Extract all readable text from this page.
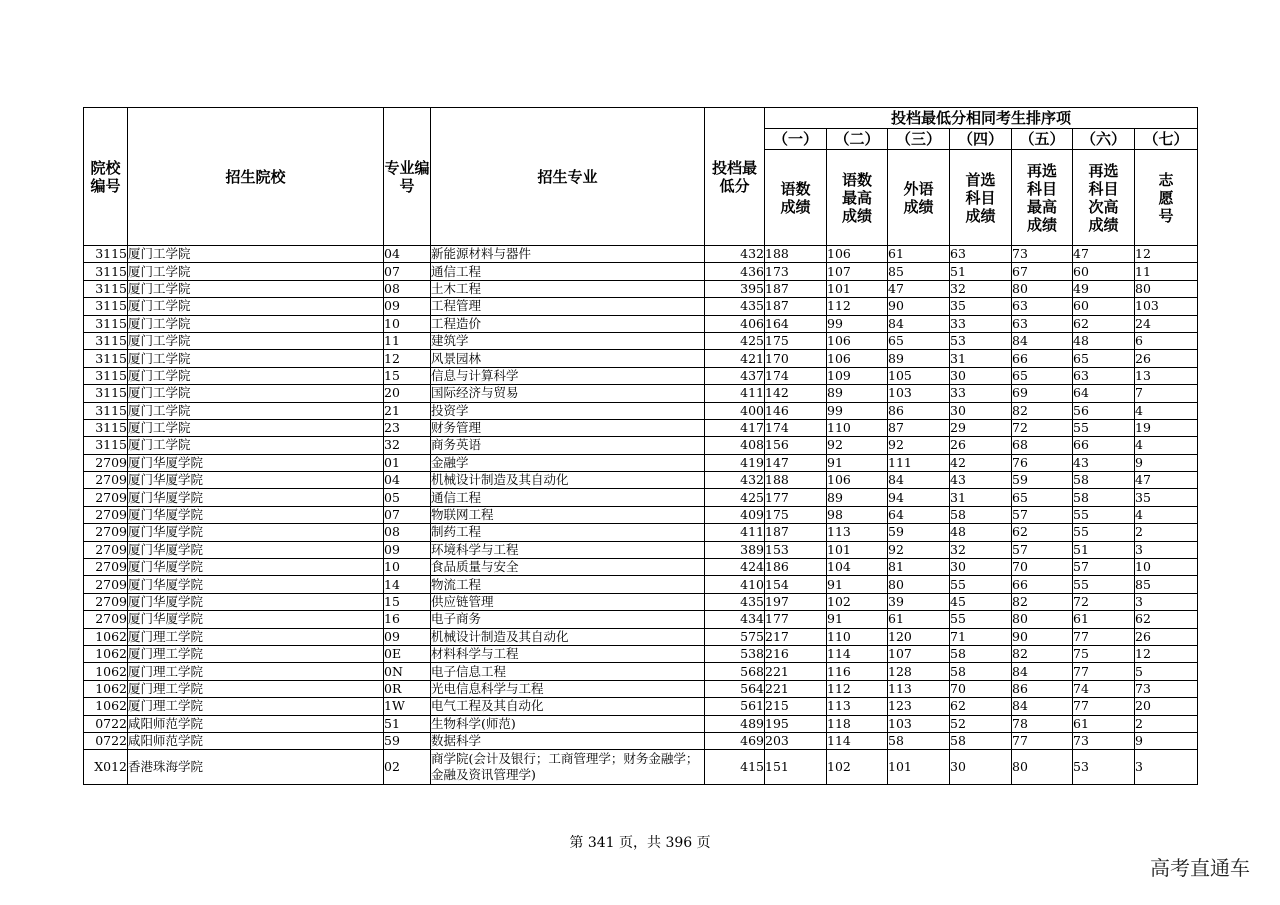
院校编号	招生院校	专业编号	招生专业	投档最低分	投档最低分相同考生排序项						
					（一）	（二）	（三）	（四）	（五）	（六）	（七）
					语数成绩	语数最高成绩	外语成绩	首选科目成绩	再选科目最高成绩	再选科目次高成绩	志愿号
3115	厦门工学院	04	新能源材料与器件	432	188	106	61	63	73	47	12
3115	厦门工学院	07	通信工程	436	173	107	85	51	67	60	11
3115	厦门工学院	08	土木工程	395	187	101	47	32	80	49	80
3115	厦门工学院	09	工程管理	435	187	112	90	35	63	60	103
3115	厦门工学院	10	工程造价	406	164	99	84	33	63	62	24
3115	厦门工学院	11	建筑学	425	175	106	65	53	84	48	6
3115	厦门工学院	12	风景园林	421	170	106	89	31	66	65	26
3115	厦门工学院	15	信息与计算科学	437	174	109	105	30	65	63	13
3115	厦门工学院	20	国际经济与贸易	411	142	89	103	33	69	64	7
3115	厦门工学院	21	投资学	400	146	99	86	30	82	56	4
3115	厦门工学院	23	财务管理	417	174	110	87	29	72	55	19
3115	厦门工学院	32	商务英语	408	156	92	92	26	68	66	4
2709	厦门华厦学院	01	金融学	419	147	91	111	42	76	43	9
2709	厦门华厦学院	04	机械设计制造及其自动化	432	188	106	84	43	59	58	47
2709	厦门华厦学院	05	通信工程	425	177	89	94	31	65	58	35
2709	厦门华厦学院	07	物联网工程	409	175	98	64	58	57	55	4
2709	厦门华厦学院	08	制药工程	411	187	113	59	48	62	55	2
2709	厦门华厦学院	09	环境科学与工程	389	153	101	92	32	57	51	3
2709	厦门华厦学院	10	食品质量与安全	424	186	104	81	30	70	57	10
2709	厦门华厦学院	14	物流工程	410	154	91	80	55	66	55	85
2709	厦门华厦学院	15	供应链管理	435	197	102	39	45	82	72	3
2709	厦门华厦学院	16	电子商务	434	177	91	61	55	80	61	62
1062	厦门理工学院	09	机械设计制造及其自动化	575	217	110	120	71	90	77	26
1062	厦门理工学院	0E	材料科学与工程	538	216	114	107	58	82	75	12
1062	厦门理工学院	0N	电子信息工程	568	221	116	128	58	84	77	5
1062	厦门理工学院	0R	光电信息科学与工程	564	221	112	113	70	86	74	73
1062	厦门理工学院	1W	电气工程及其自动化	561	215	113	123	62	84	77	20
0722	咸阳师范学院	51	生物科学(师范)	489	195	118	103	52	78	61	2
0722	咸阳师范学院	59	数据科学	469	203	114	58	58	77	73	9
X012	香港珠海学院	02	商学院(会计及银行；工商管理学；财务金融学；金融及资讯管理学)	415	151	102	101	30	80	53	3
第 341 页，共 396 页
高考直通车
